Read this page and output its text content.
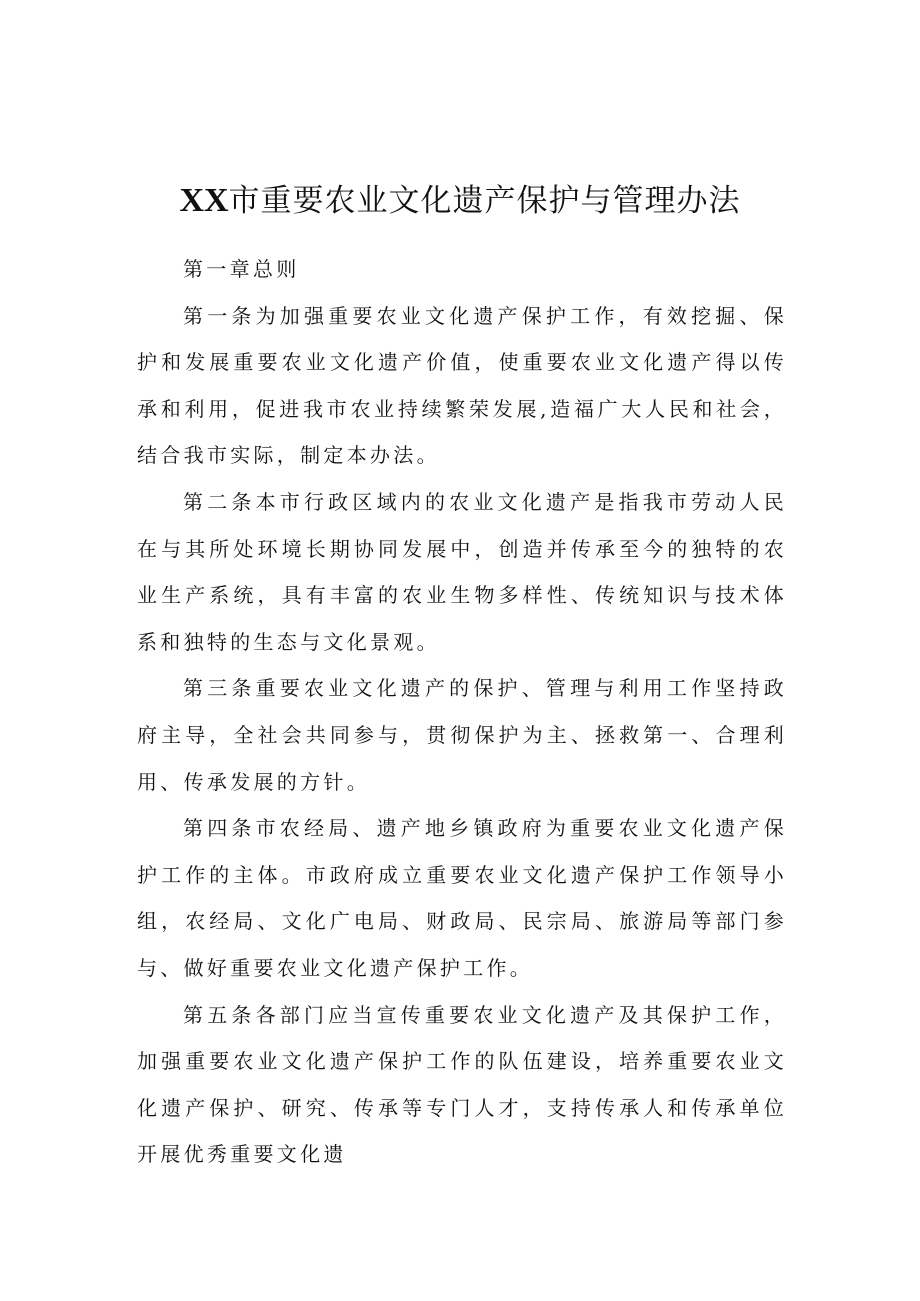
XX市重要农业文化遗产保护与管理办法

第一章总则

第一条为加强重要农业文化遗产保护工作，有效挖掘、保护和发展重要农业文化遗产价值，使重要农业文化遗产得以传承和利用，促进我市农业持续繁荣发展,造福广大人民和社会，结合我市实际，制定本办法。

第二条本市行政区域内的农业文化遗产是指我市劳动人民在与其所处环境长期协同发展中，创造并传承至今的独特的农业生产系统，具有丰富的农业生物多样性、传统知识与技术体系和独特的生态与文化景观。

第三条重要农业文化遗产的保护、管理与利用工作坚持政府主导，全社会共同参与，贯彻保护为主、拯救第一、合理利用、传承发展的方针。

第四条市农经局、遗产地乡镇政府为重要农业文化遗产保护工作的主体。市政府成立重要农业文化遗产保护工作领导小组，农经局、文化广电局、财政局、民宗局、旅游局等部门参与、做好重要农业文化遗产保护工作。

第五条各部门应当宣传重要农业文化遗产及其保护工作，加强重要农业文化遗产保护工作的队伍建设，培养重要农业文化遗产保护、研究、传承等专门人才，支持传承人和传承单位开展优秀重要文化遗
